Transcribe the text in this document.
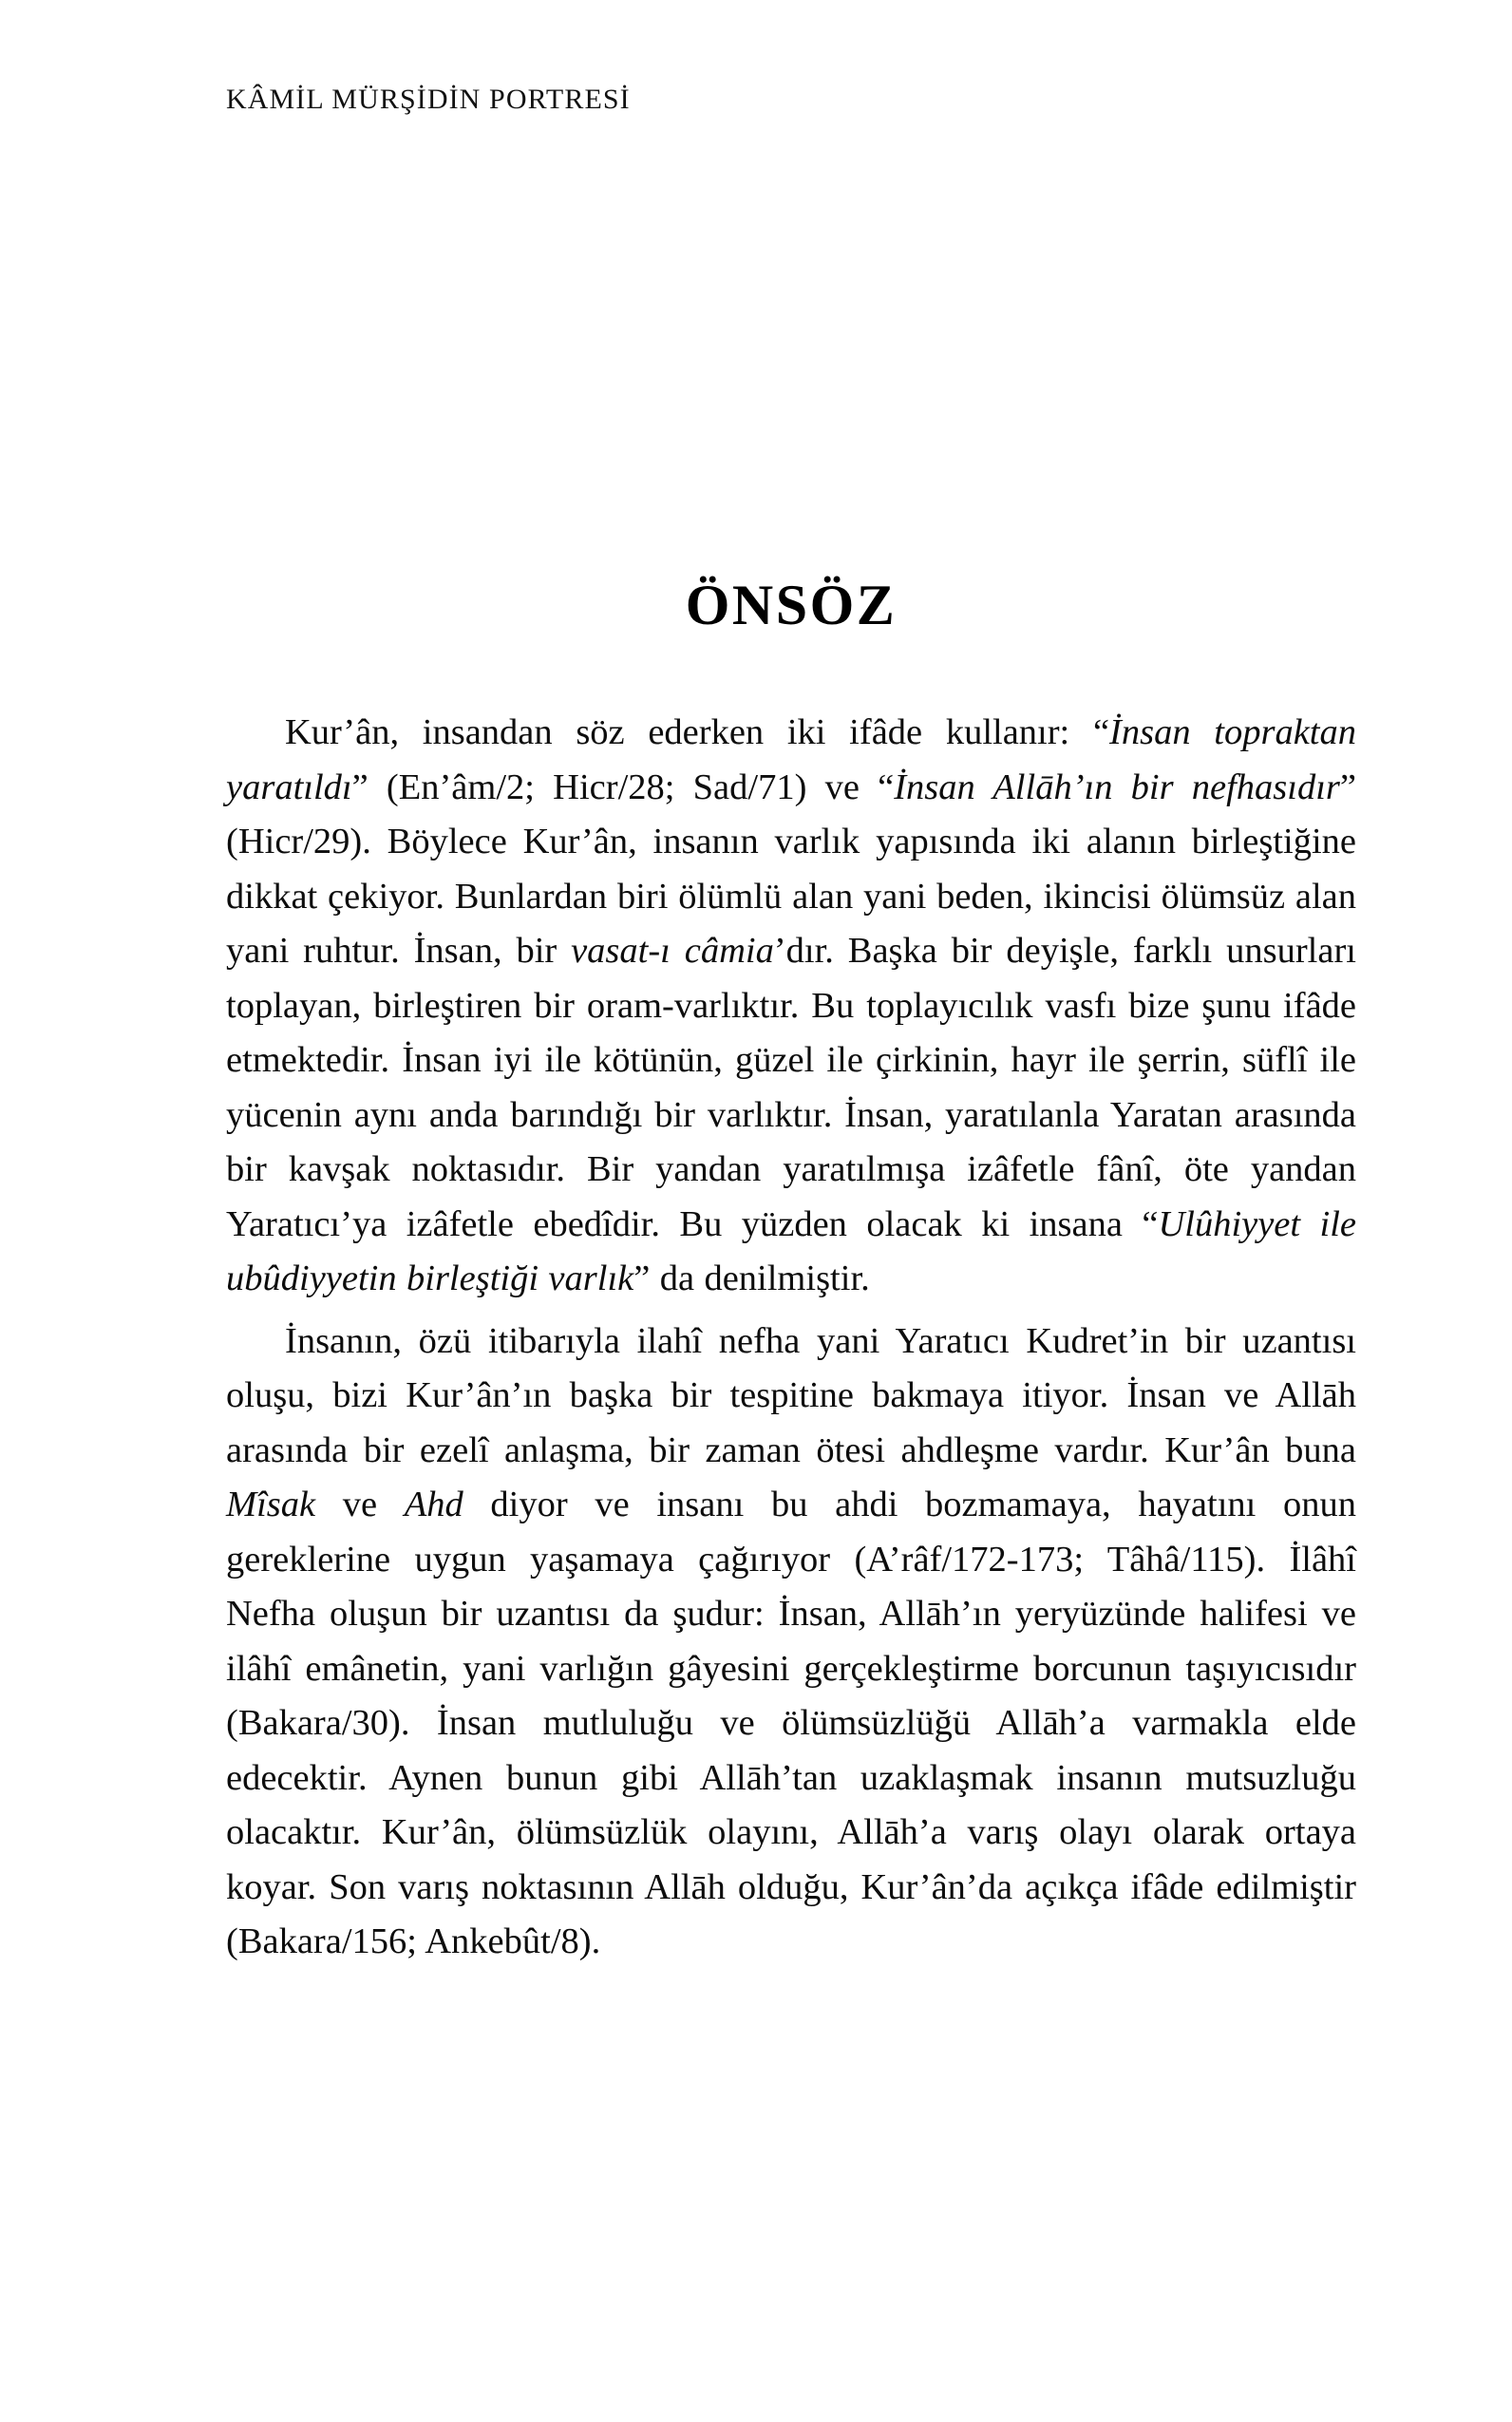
KÂMİL MÜRŞİDİN PORTRESİ
ÖNSÖZ

Kur’ân, insandan söz ederken iki ifâde kullanır: “İnsan topraktan yaratıldı” (En’âm/2; Hicr/28; Sad/71) ve “İnsan Allāh’ın bir nefhasıdır” (Hicr/29). Böylece Kur’ân, insanın varlık yapısında iki alanın birleştiğine dikkat çekiyor. Bunlardan biri ölümlü alan yani beden, ikincisi ölümsüz alan yani ruhtur. İnsan, bir vasat-ı câmia’dır. Başka bir deyişle, farklı unsurları toplayan, birleştiren bir oram-varlıktır. Bu toplayıcılık vasfı bize şunu ifâde etmektedir. İnsan iyi ile kötünün, güzel ile çirkinin, hayr ile şerrin, süflî ile yücenin aynı anda barındığı bir varlıktır. İnsan, yaratılanla Yaratan arasında bir kavşak noktasıdır. Bir yandan yaratılmışa izâfetle fânî, öte yandan Yaratıcı’ya izâfetle ebedîdir. Bu yüzden olacak ki insana “Ulûhiyyet ile ubûdiyyetin birleştiği varlık” da denilmiştir.

İnsanın, özü itibarıyla ilahî nefha yani Yaratıcı Kudret’in bir uzantısı oluşu, bizi Kur’ân’ın başka bir tespitine bakmaya itiyor. İnsan ve Allāh arasında bir ezelî anlaşma, bir zaman ötesi ahdleşme vardır. Kur’ân buna Mîsak ve Ahd diyor ve insanı bu ahdi bozmamaya, hayatını onun gereklerine uygun yaşamaya çağırıyor (A’râf/172-173; Tâhâ/115). İlâhî Nefha oluşun bir uzantısı da şudur: İnsan, Allāh’ın yeryüzünde halifesi ve ilâhî emânetin, yani varlığın gâyesini gerçekleştirme borcunun taşıyıcısıdır (Bakara/30). İnsan mutluluğu ve ölümsüzlüğü Allāh’a varmakla elde edecektir. Aynen bunun gibi Allāh’tan uzaklaşmak insanın mutsuzluğu olacaktır. Kur’ân, ölümsüzlük olayını, Allāh’a varış olayı olarak ortaya koyar. Son varış noktasının Allāh olduğu, Kur’ân’da açıkça ifâde edilmiştir (Bakara/156; Ankebût/8).
